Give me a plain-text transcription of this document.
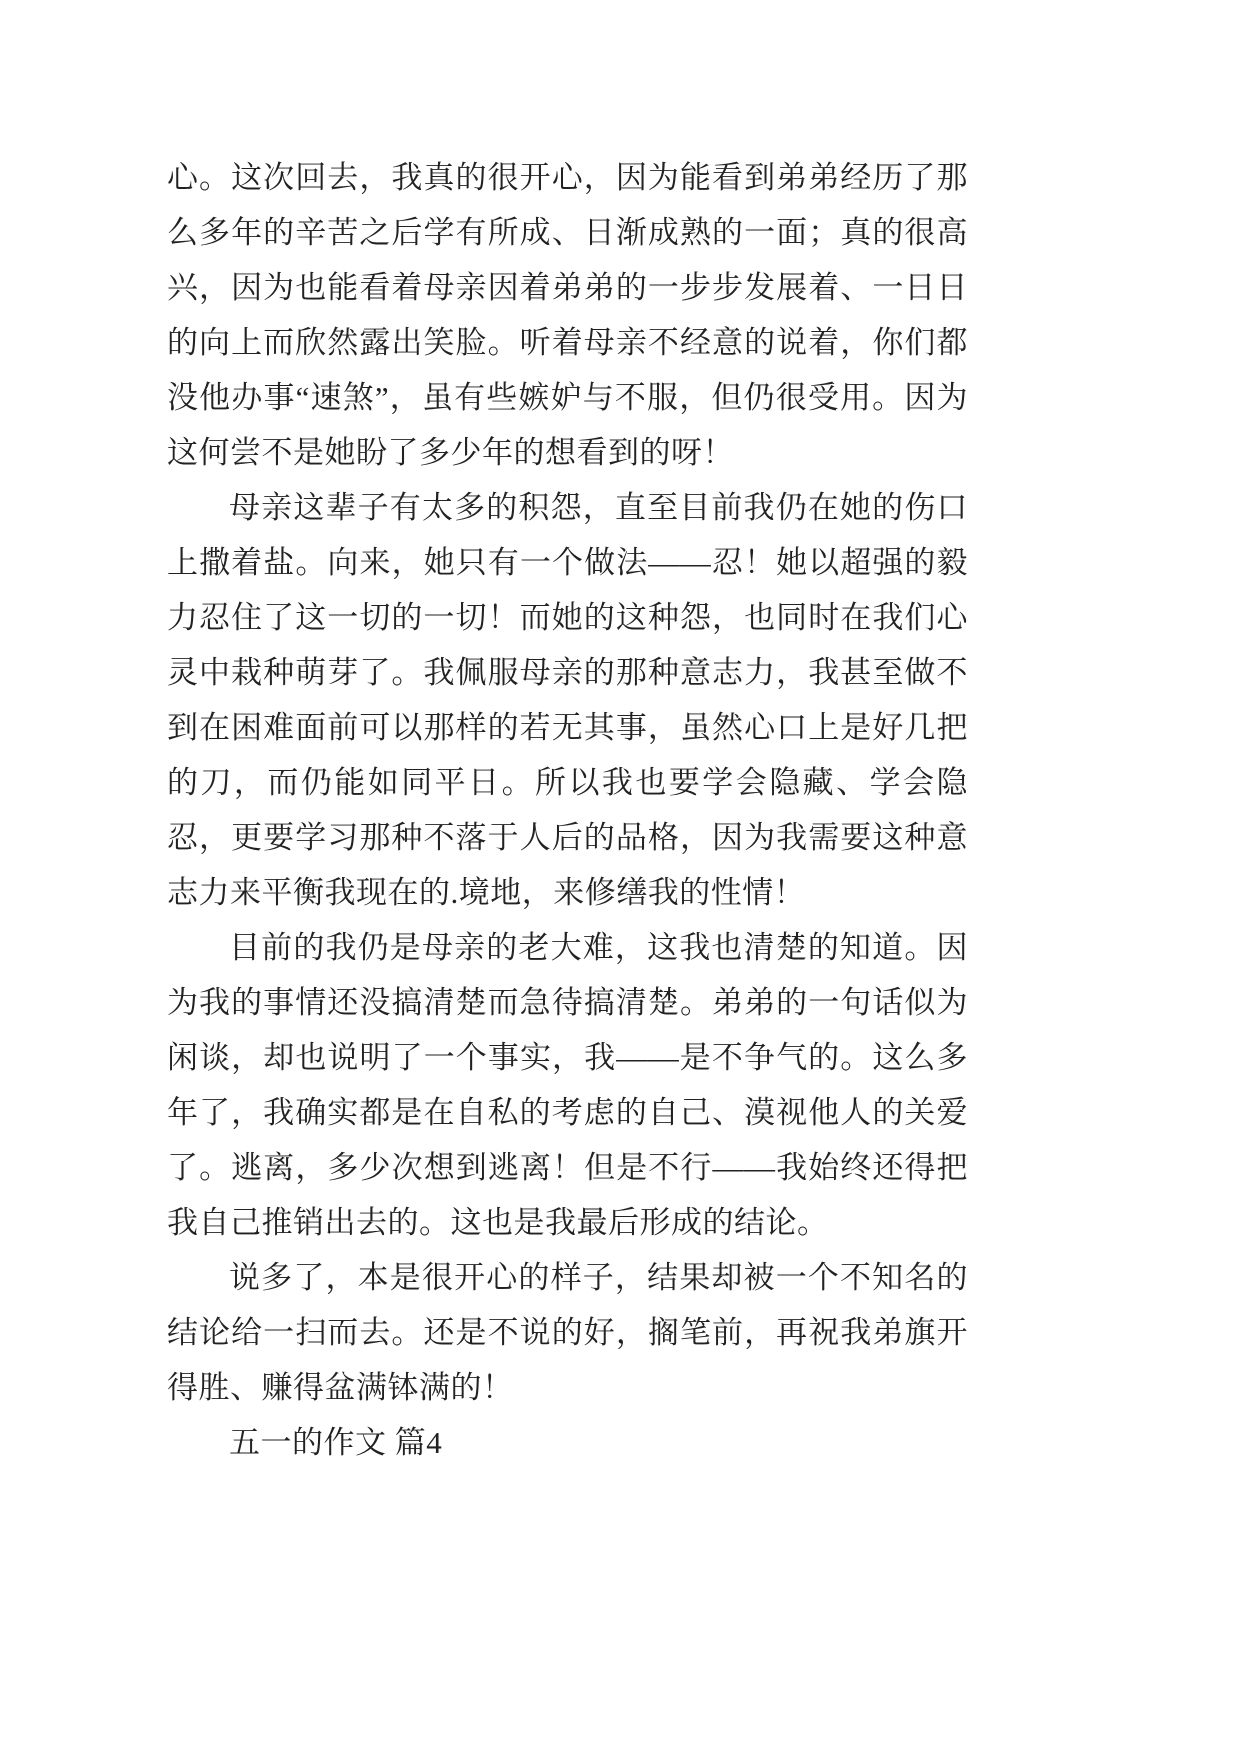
心。这次回去，我真的很开心，因为能看到弟弟经历了那么多年的辛苦之后学有所成、日渐成熟的一面；真的很高兴，因为也能看着母亲因着弟弟的一步步发展着、一日日的向上而欣然露出笑脸。听着母亲不经意的说着，你们都没他办事“速煞”，虽有些嫉妒与不服，但仍很受用。因为这何尝不是她盼了多少年的想看到的呀！

母亲这辈子有太多的积怨，直至目前我仍在她的伤口上撒着盐。向来，她只有一个做法——忍！她以超强的毅力忍住了这一切的一切！而她的这种怨，也同时在我们心灵中栽种萌芽了。我佩服母亲的那种意志力，我甚至做不到在困难面前可以那样的若无其事，虽然心口上是好几把的刀，而仍能如同平日。所以我也要学会隐藏、学会隐忍，更要学习那种不落于人后的品格，因为我需要这种意志力来平衡我现在的.境地，来修缮我的性情！

目前的我仍是母亲的老大难，这我也清楚的知道。因为我的事情还没搞清楚而急待搞清楚。弟弟的一句话似为闲谈，却也说明了一个事实，我——是不争气的。这么多年了，我确实都是在自私的考虑的自己、漠视他人的关爱了。逃离，多少次想到逃离！但是不行——我始终还得把我自己推销出去的。这也是我最后形成的结论。

说多了，本是很开心的样子，结果却被一个不知名的结论给一扫而去。还是不说的好，搁笔前，再祝我弟旗开得胜、赚得盆满钵满的！

五一的作文 篇4
